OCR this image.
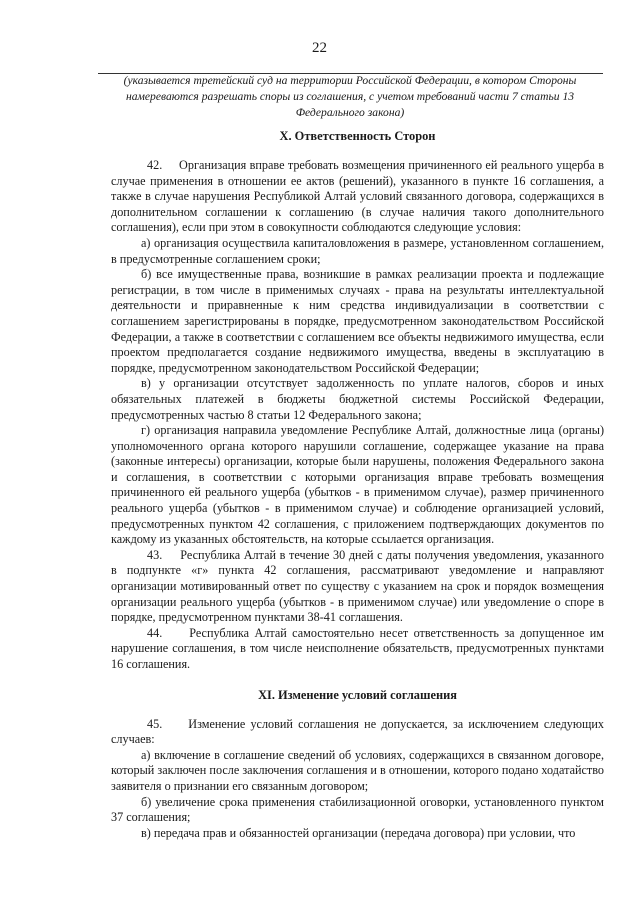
22
(указывается третейский суд на территории Российской Федерации, в котором Стороны намереваются разрешать споры из соглашения, с учетом требований части 7 статьи 13 Федерального закона)
X. Ответственность Сторон

42. Организация вправе требовать возмещения причиненного ей реального ущерба в случае применения в отношении ее актов (решений), указанного в пункте 16 соглашения, а также в случае нарушения Республикой Алтай условий связанного договора, содержащихся в дополнительном соглашении к соглашению (в случае наличия такого дополнительного соглашения), если при этом в совокупности соблюдаются следующие условия:

а) организация осуществила капиталовложения в размере, установленном соглашением, в предусмотренные соглашением сроки;

б) все имущественные права, возникшие в рамках реализации проекта и подлежащие регистрации, в том числе в применимых случаях - права на результаты интеллектуальной деятельности и приравненные к ним средства индивидуализации в соответствии с соглашением зарегистрированы в порядке, предусмотренном законодательством Российской Федерации, а также в соответствии с соглашением все объекты недвижимого имущества, если проектом предполагается создание недвижимого имущества, введены в эксплуатацию в порядке, предусмотренном законодательством Российской Федерации;

в) у организации отсутствует задолженность по уплате налогов, сборов и иных обязательных платежей в бюджеты бюджетной системы Российской Федерации, предусмотренных частью 8 статьи 12 Федерального закона;

г) организация направила уведомление Республике Алтай, должностные лица (органы) уполномоченного органа которого нарушили соглашение, содержащее указание на права (законные интересы) организации, которые были нарушены, положения Федерального закона и соглашения, в соответствии с которыми организация вправе требовать возмещения причиненного ей реального ущерба (убытков - в применимом случае), размер причиненного реального ущерба (убытков - в применимом случае) и соблюдение организацией условий, предусмотренных пунктом 42 соглашения, с приложением подтверждающих документов по каждому из указанных обстоятельств, на которые ссылается организация.

43. Республика Алтай в течение 30 дней с даты получения уведомления, указанного в подпункте «г» пункта 42 соглашения, рассматривают уведомление и направляют организации мотивированный ответ по существу с указанием на срок и порядок возмещения организации реального ущерба (убытков - в применимом случае) или уведомление о споре в порядке, предусмотренном пунктами 38-41 соглашения.

44. Республика Алтай самостоятельно несет ответственность за допущенное им нарушение соглашения, в том числе неисполнение обязательств, предусмотренных пунктами 16 соглашения.

XI. Изменение условий соглашения

45. Изменение условий соглашения не допускается, за исключением следующих случаев:

а) включение в соглашение сведений об условиях, содержащихся в связанном договоре, который заключен после заключения соглашения и в отношении, которого подано ходатайство заявителя о признании его связанным договором;

б) увеличение срока применения стабилизационной оговорки, установленного пунктом 37 соглашения;

в) передача прав и обязанностей организации (передача договора) при условии, что
